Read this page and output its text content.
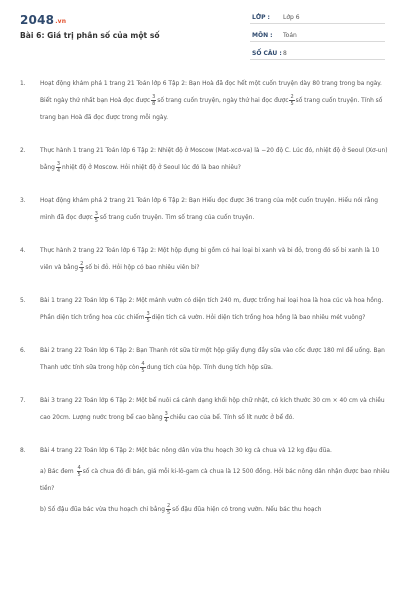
2048.vn
Bài 6: Giá trị phân số của một số
LỚP : Lớp 6
MÔN : Toán
SỐ CÂU : 8
1. Hoạt động khám phá 1 trang 21 Toán lớp 6 Tập 2: Bạn Hoà đã đọc hết một cuốn truyện dày 80 trang trong ba ngày. Biết ngày thứ nhất bạn Hoà đọc được $\frac{3}{8}$ số trang cuốn truyện, ngày thứ hai đọc được $\frac{2}{5}$ số trang cuốn truyện. Tính số trang bạn Hoà đã đọc được trong mỗi ngày.
2. Thực hành 1 trang 21 Toán lớp 6 Tập 2: Nhiệt độ ở Moscow (Mat-xcơ-va) là −20 độ C. Lúc đó, nhiệt độ ở Seoul (Xơ-un) bằng $\frac{3}{4}$ nhiệt độ ở Moscow. Hỏi nhiệt độ ở Seoul lúc đó là bao nhiêu?
3. Hoạt động khám phá 2 trang 21 Toán lớp 6 Tập 2: Bạn Hiếu đọc được 36 trang của một cuốn truyện. Hiếu nói rằng mình đã đọc được $\frac{3}{5}$ số trang cuốn truyện. Tìm số trang của cuốn truyện.
4. Thực hành 2 trang 22 Toán lớp 6 Tập 2: Một hộp đựng bi gồm có hai loại bi xanh và bi đỏ, trong đó số bi xanh là 10 viên và bằng $\frac{2}{3}$ số bi đỏ. Hỏi hộp có bao nhiêu viên bi?
5. Bài 1 trang 22 Toán lớp 6 Tập 2: Một mảnh vườn có diện tích 240 m, được trồng hai loại hoa là hoa cúc và hoa hồng. Phần diện tích trồng hoa cúc chiếm $\frac{3}{5}$ diện tích cả vườn. Hỏi diện tích trồng hoa hồng là bao nhiêu mét vuông?
6. Bài 2 trang 22 Toán lớp 6 Tập 2: Bạn Thanh rót sữa từ một hộp giấy đựng đầy sữa vào cốc được 180 ml để uống. Bạn Thanh ước tính sữa trong hộp còn $\frac{4}{5}$ dung tích của hộp. Tính dung tích hộp sữa.
7. Bài 3 trang 22 Toán lớp 6 Tập 2: Một bể nuôi cá cảnh dạng khối hộp chữ nhật, có kích thước 30 cm × 40 cm và chiều cao 20cm. Lượng nước trong bể cao bằng $\frac{3}{4}$ chiều cao của bể. Tính số lít nước ở bể đó.
8. Bài 4 trang 22 Toán lớp 6 Tập 2: Một bác nông dân vừa thu hoạch 30 kg cà chua và 12 kg đậu đũa.
a) Bác đem $\frac{4}{5}$ số cà chua đó đi bán, giá mỗi ki-lô-gam cà chua là 12 500 đồng. Hỏi bác nông dân nhận được bao nhiêu tiền?
b) Số đậu đũa bác vừa thu hoạch chỉ bằng $\frac{2}{5}$ số đậu đũa hiện có trong vườn. Nếu bác thu hoạch
